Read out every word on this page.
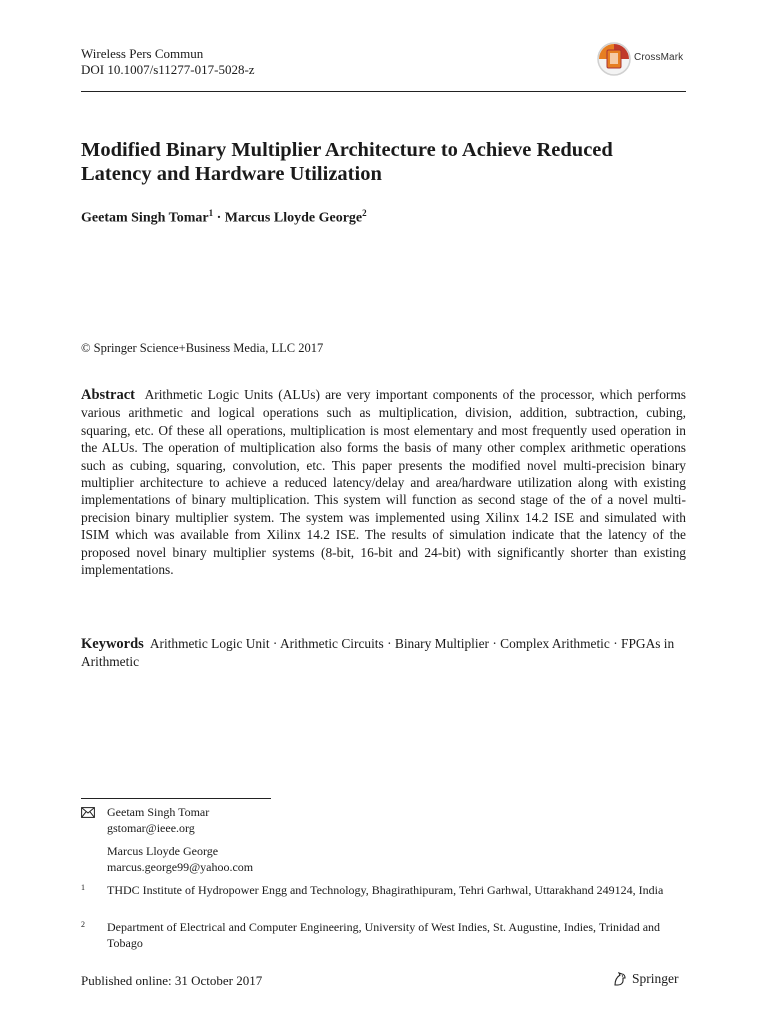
Wireless Pers Commun
DOI 10.1007/s11277-017-5028-z
CrossMark
Modified Binary Multiplier Architecture to Achieve Reduced Latency and Hardware Utilization
Geetam Singh Tomar$^1$ · Marcus Lloyde George$^2$
© Springer Science+Business Media, LLC 2017
Abstract Arithmetic Logic Units (ALUs) are very important components of the processor, which performs various arithmetic and logical operations such as multiplication, division, addition, subtraction, cubing, squaring, etc. Of these all operations, multiplication is most elementary and most frequently used operation in the ALUs. The operation of multiplication also forms the basis of many other complex arithmetic operations such as cubing, squaring, convolution, etc. This paper presents the modified novel multi-precision binary multiplier architecture to achieve a reduced latency/delay and area/hardware utilization along with existing implementations of binary multiplication. This system will function as second stage of the of a novel multi-precision binary multiplier system. The system was implemented using Xilinx 14.2 ISE and simulated with ISIM which was available from Xilinx 14.2 ISE. The results of simulation indicate that the latency of the proposed novel binary multiplier systems (8-bit, 16-bit and 24-bit) with significantly shorter than existing implementations.
Keywords Arithmetic Logic Unit · Arithmetic Circuits · Binary Multiplier · Complex Arithmetic · FPGAs in Arithmetic
Geetam Singh Tomar
gstomar@ieee.org
Marcus Lloyde George
marcus.george99@yahoo.com
1	THDC Institute of Hydropower Engg and Technology, Bhagirathipuram, Tehri Garhwal, Uttarakhand 249124, India
2	Department of Electrical and Computer Engineering, University of West Indies, St. Augustine, Indies, Trinidad and Tobago
Published online: 31 October 2017	Springer
